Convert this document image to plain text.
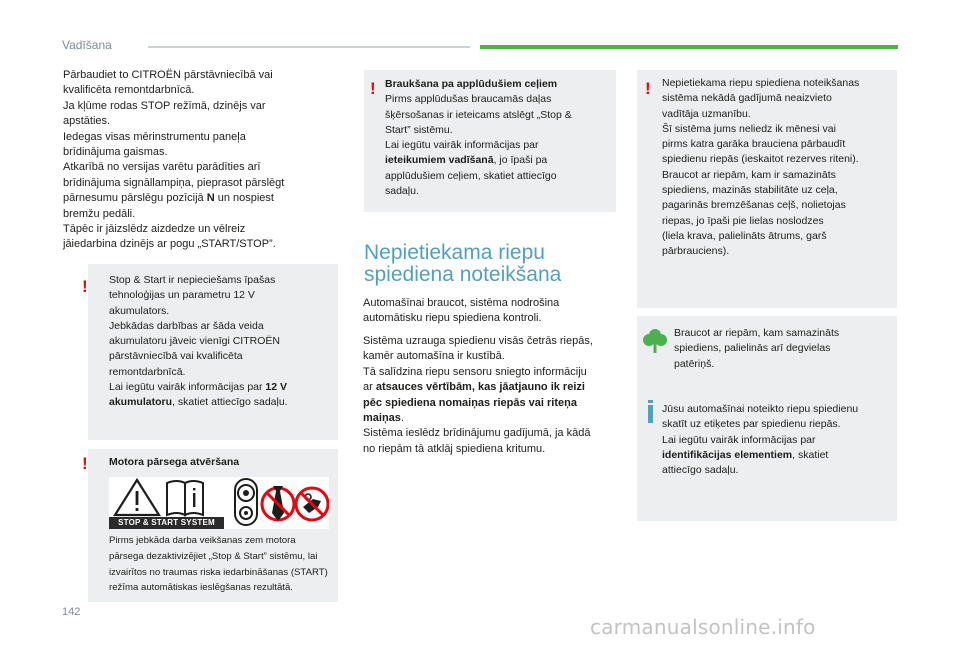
Vadīšana

Pārbaudiet to CITROËN pārstāvniecībā vai

kvalificēta remontdarbnīcā.

Ja kļūme rodas STOP režīmā, dzinējs var

apstāties.

Iedegas visas mērinstrumentu paneļa

brīdinājuma gaismas.

Atkarībā no versijas varētu parādīties arī

brīdinājuma signāllampiņa, pieprasot pārslēgt

pārnesumu pārslēgu pozīcijā N un nospiest

bremžu pedāli.

Tāpēc ir jāizslēdz aizdedze un vēlreiz

jāiedarbina dzinējs ar pogu „START/STOP”.

! Stop & Start ir nepieciešams īpašas
tehnoloģijas un parametru 12 V
akumulators.
Jebkādas darbības ar šāda veida
akumulatoru jāveic vienīgi CITROËN
pārstāvniecībā vai kvalificēta
remontdarbnīcā.
Lai iegūtu vairāk informācijas par 12 V
akumulatoru, skatiet attiecīgo sadaļu.
! Motora pārsega atvēršana
STOP & START SYSTEM
Pirms jebkāda darba veikšanas zem motora
pārsega dezaktivizējiet „Stop & Start” sistēmu, lai
izvairītos no traumas riska iedarbināšanas (START)
režīma automātiskas ieslēgšanas rezultātā.
! Braukšana pa applūdušiem ceļiem
Pirms applūdušas braucamās daļas
šķērsošanas ir ieteicams atslēgt „Stop &
Start” sistēmu.
Lai iegūtu vairāk informācijas par
ieteikumiem vadīšanā, jo īpaši pa
applūdušiem ceļiem, skatiet attiecīgo
sadaļu.
Nepietiekama riepu
spiediena noteikšana

Automašīnai braucot, sistēma nodrošina

automātisku riepu spiediena kontroli.

Sistēma uzrauga spiedienu visās četrās riepās,

kamēr automašīna ir kustībā.

Tā salīdzina riepu sensoru sniegto informāciju

ar atsauces vērtībām, kas jāatjauno ik reizi

pēc spiediena nomaiņas riepās vai riteņa

maiņas.

Sistēma ieslēdz brīdinājumu gadījumā, ja kādā

no riepām tā atklāj spiediena kritumu.

! Nepietiekama riepu spiediena noteikšanas
sistēma nekādā gadījumā neaizvieto
vadītāja uzmanību.
Šī sistēma jums neliedz ik mēnesi vai
pirms katra garāka brauciena pārbaudīt
spiedienu riepās (ieskaitot rezerves riteni).
Braucot ar riepām, kam ir samazināts
spiediens, mazinās stabilitāte uz ceļa,
pagarinās bremzēšanas ceļš, nolietojas
riepas, jo īpaši pie lielas noslodzes
(liela krava, palielināts ātrums, garš
pārbrauciens).
Braucot ar riepām, kam samazināts
spiediens, palielinās arī degvielas
patēriņš.
Jūsu automašīnai noteikto riepu spiedienu
skatīt uz etiķetes par spiedienu riepās.
Lai iegūtu vairāk informācijas par
identifikācijas elementiem, skatiet
attiecīgo sadaļu.
142
carmanualsonline.info
